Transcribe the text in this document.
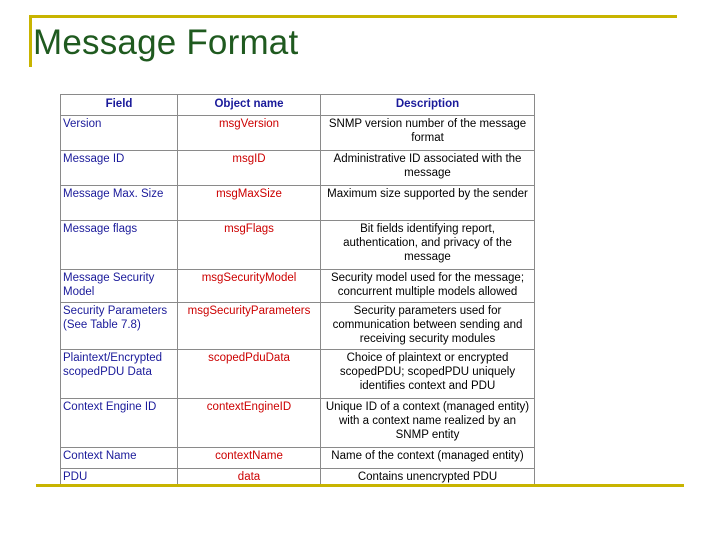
Message Format
Field	Object name	Description
Version	msgVersion	SNMP version number of the message format
Message ID	msgID	Administrative ID associated with the message
Message Max. Size	msgMaxSize	Maximum size supported by the sender
Message flags	msgFlags	Bit fields identifying report, authentication, and privacy of the message
Message Security Model	msgSecurityModel	Security model used for the message; concurrent multiple models allowed
Security Parameters (See Table 7.8)	msgSecurityParameters	Security parameters used for communication between sending and receiving security modules
Plaintext/Encrypted scopedPDU Data	scopedPduData	Choice of plaintext or encrypted scopedPDU; scopedPDU uniquely identifies context and PDU
Context Engine ID	contextEngineID	Unique ID of a context (managed entity) with a context name realized by an SNMP entity
Context Name	contextName	Name of the context (managed entity)
PDU	data	Contains unencrypted PDU
